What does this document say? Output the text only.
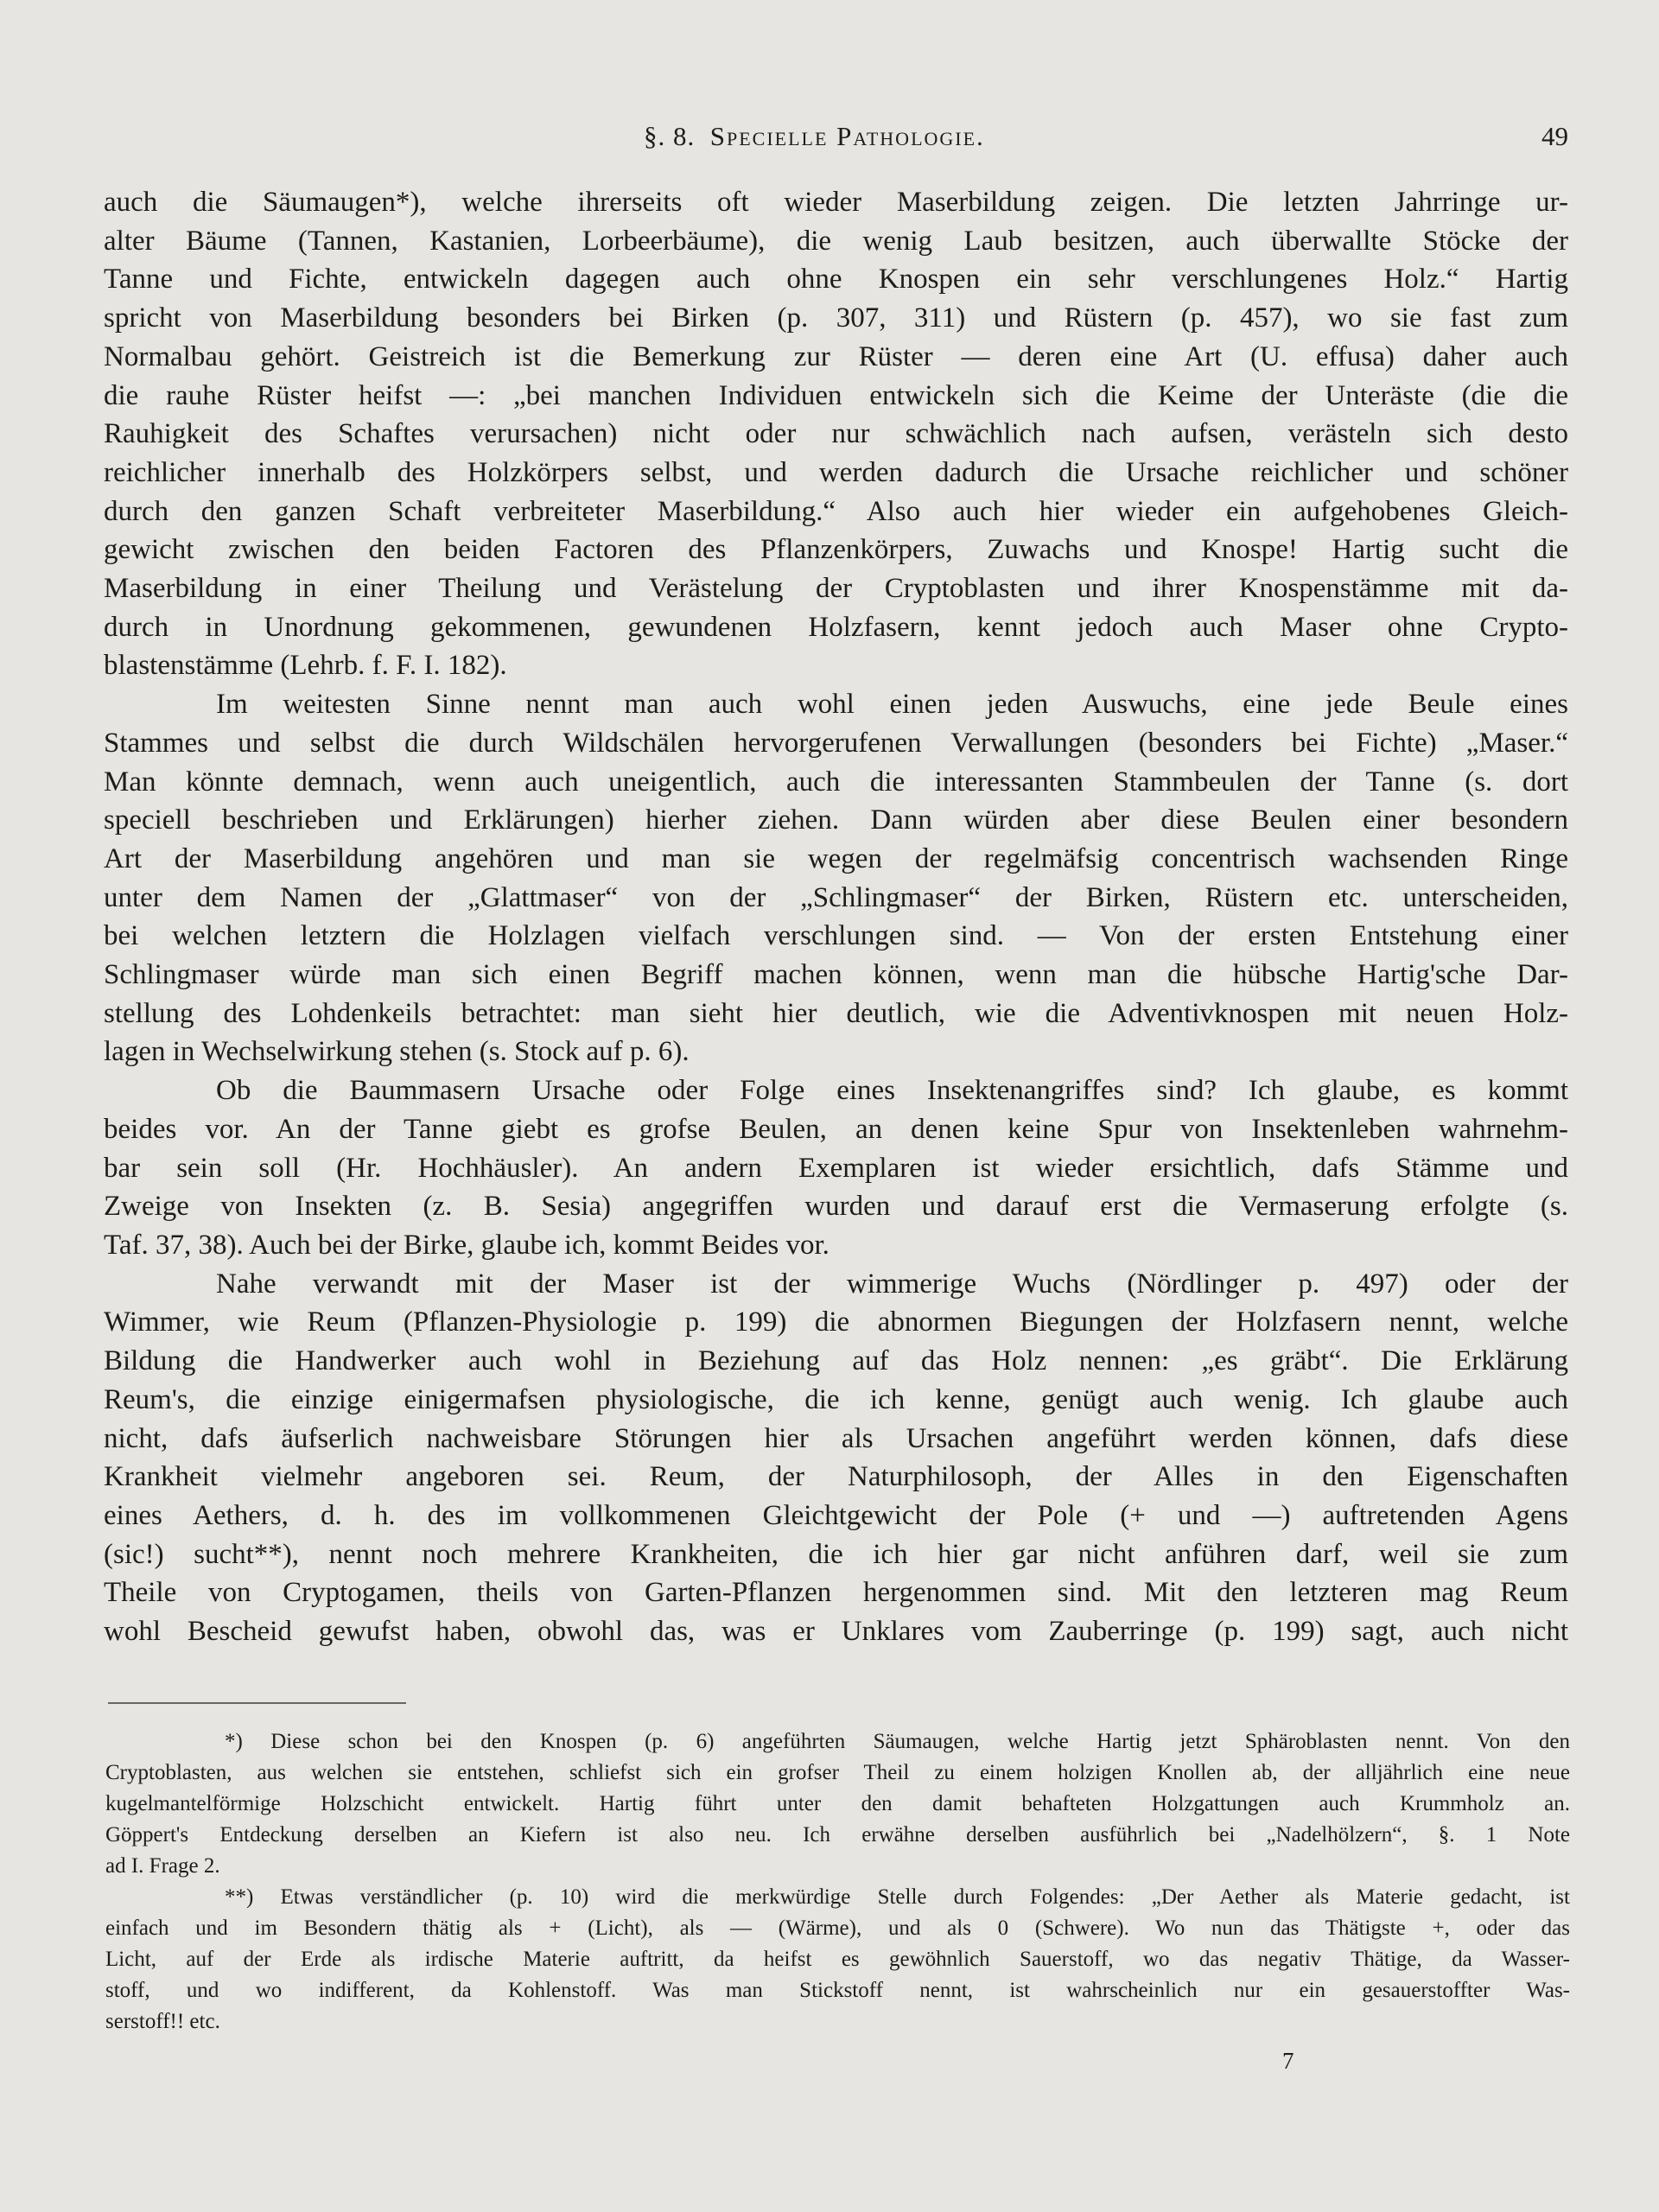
§. 8. Specielle Pathologie.	49

auch die Säumaugen*), welche ihrerseits oft wieder Maserbildung zeigen. Die letzten Jahrringe ur-

alter Bäume (Tannen, Kastanien, Lorbeerbäume), die wenig Laub besitzen, auch überwallte Stöcke der

Tanne und Fichte, entwickeln dagegen auch ohne Knospen ein sehr verschlungenes Holz.“ Hartig

spricht von Maserbildung besonders bei Birken (p. 307, 311) und Rüstern (p. 457), wo sie fast zum

Normalbau gehört. Geistreich ist die Bemerkung zur Rüster — deren eine Art (U. effusa) daher auch

die rauhe Rüster heifst —: „bei manchen Individuen entwickeln sich die Keime der Unteräste (die die

Rauhigkeit des Schaftes verursachen) nicht oder nur schwächlich nach aufsen, verästeln sich desto

reichlicher innerhalb des Holzkörpers selbst, und werden dadurch die Ursache reichlicher und schöner

durch den ganzen Schaft verbreiteter Maserbildung.“ Also auch hier wieder ein aufgehobenes Gleich-

gewicht zwischen den beiden Factoren des Pflanzenkörpers, Zuwachs und Knospe! Hartig sucht die

Maserbildung in einer Theilung und Verästelung der Cryptoblasten und ihrer Knospenstämme mit da-

durch in Unordnung gekommenen, gewundenen Holzfasern, kennt jedoch auch Maser ohne Crypto-

blastenstämme (Lehrb. f. F. I. 182).

Im weitesten Sinne nennt man auch wohl einen jeden Auswuchs, eine jede Beule eines

Stammes und selbst die durch Wildschälen hervorgerufenen Verwallungen (besonders bei Fichte) „Maser.“

Man könnte demnach, wenn auch uneigentlich, auch die interessanten Stammbeulen der Tanne (s. dort

speciell beschrieben und Erklärungen) hierher ziehen. Dann würden aber diese Beulen einer besondern

Art der Maserbildung angehören und man sie wegen der regelmäfsig concentrisch wachsenden Ringe

unter dem Namen der „Glattmaser“ von der „Schlingmaser“ der Birken, Rüstern etc. unterscheiden,

bei welchen letztern die Holzlagen vielfach verschlungen sind. — Von der ersten Entstehung einer

Schlingmaser würde man sich einen Begriff machen können, wenn man die hübsche Hartig'sche Dar-

stellung des Lohdenkeils betrachtet: man sieht hier deutlich, wie die Adventivknospen mit neuen Holz-

lagen in Wechselwirkung stehen (s. Stock auf p. 6).

Ob die Baummasern Ursache oder Folge eines Insektenangriffes sind? Ich glaube, es kommt

beides vor. An der Tanne giebt es grofse Beulen, an denen keine Spur von Insektenleben wahrnehm-

bar sein soll (Hr. Hochhäusler). An andern Exemplaren ist wieder ersichtlich, dafs Stämme und

Zweige von Insekten (z. B. Sesia) angegriffen wurden und darauf erst die Vermaserung erfolgte (s.

Taf. 37, 38). Auch bei der Birke, glaube ich, kommt Beides vor.

Nahe verwandt mit der Maser ist der wimmerige Wuchs (Nördlinger p. 497) oder der

Wimmer, wie Reum (Pflanzen-Physiologie p. 199) die abnormen Biegungen der Holzfasern nennt, welche

Bildung die Handwerker auch wohl in Beziehung auf das Holz nennen: „es gräbt“. Die Erklärung

Reum's, die einzige einigermafsen physiologische, die ich kenne, genügt auch wenig. Ich glaube auch

nicht, dafs äufserlich nachweisbare Störungen hier als Ursachen angeführt werden können, dafs diese

Krankheit vielmehr angeboren sei. Reum, der Naturphilosoph, der Alles in den Eigenschaften

eines Aethers, d. h. des im vollkommenen Gleichtgewicht der Pole (+ und —) auftretenden Agens

(sic!) sucht**), nennt noch mehrere Krankheiten, die ich hier gar nicht anführen darf, weil sie zum

Theile von Cryptogamen, theils von Garten-Pflanzen hergenommen sind. Mit den letzteren mag Reum

wohl Bescheid gewufst haben, obwohl das, was er Unklares vom Zauberringe (p. 199) sagt, auch nicht

*) Diese schon bei den Knospen (p. 6) angeführten Säumaugen, welche Hartig jetzt Sphäroblasten nennt. Von den

Cryptoblasten, aus welchen sie entstehen, schliefst sich ein grofser Theil zu einem holzigen Knollen ab, der alljährlich eine neue

kugelmantelförmige Holzschicht entwickelt. Hartig führt unter den damit behafteten Holzgattungen auch Krummholz an.

Göppert's Entdeckung derselben an Kiefern ist also neu. Ich erwähne derselben ausführlich bei „Nadelhölzern“, §. 1 Note

ad I. Frage 2.

**) Etwas verständlicher (p. 10) wird die merkwürdige Stelle durch Folgendes: „Der Aether als Materie gedacht, ist

einfach und im Besondern thätig als + (Licht), als — (Wärme), und als 0 (Schwere). Wo nun das Thätigste +, oder das

Licht, auf der Erde als irdische Materie auftritt, da heifst es gewöhnlich Sauerstoff, wo das negativ Thätige, da Wasser-

stoff, und wo indifferent, da Kohlenstoff. Was man Stickstoff nennt, ist wahrscheinlich nur ein gesauerstoffter Was-

serstoff!! etc.

7
